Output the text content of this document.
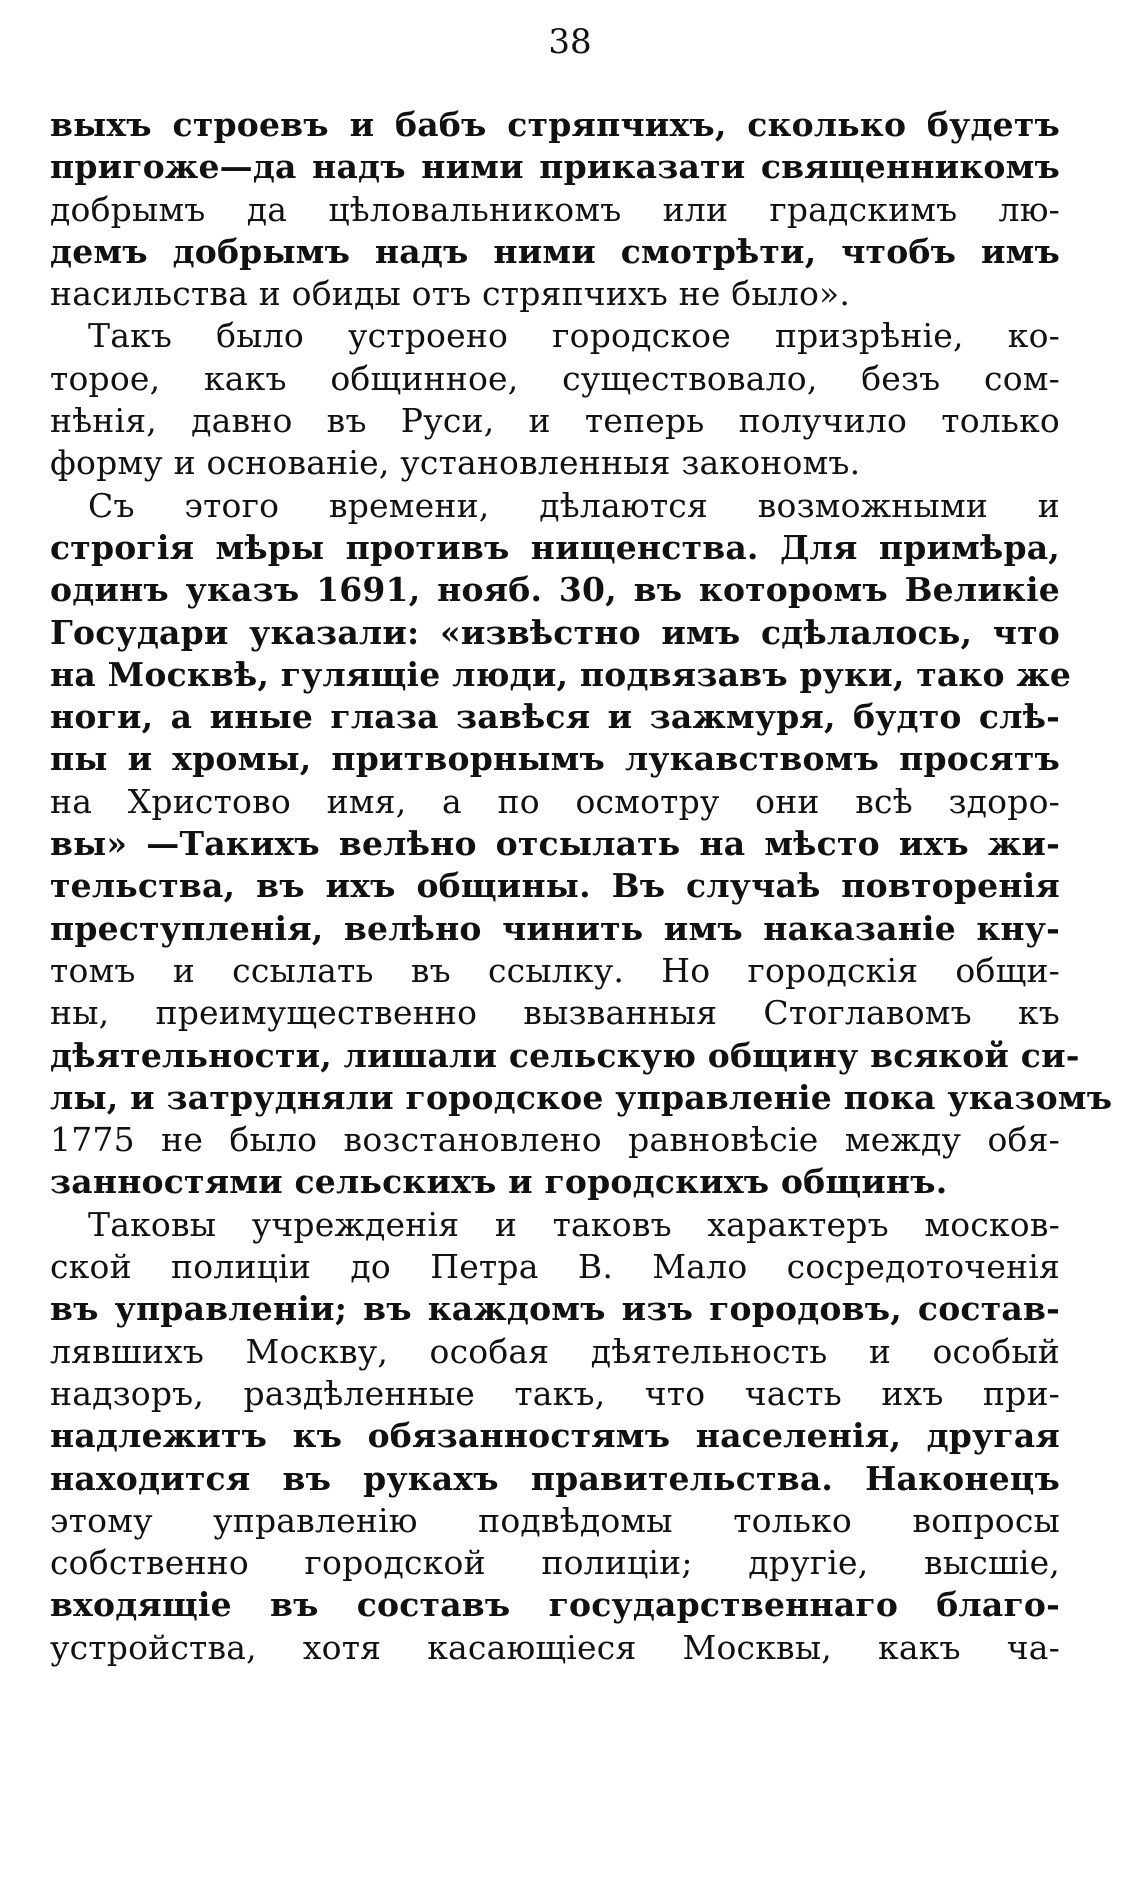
38
выхъ строевъ и бабъ стряпчихъ, сколько будетъ
пригоже—да надъ ними приказати священникомъ
добрымъ да цѣловальникомъ или градскимъ лю-
демъ добрымъ надъ ними смотрѣти, чтобъ имъ
насильства и обиды отъ стряпчихъ не было».
Такъ было устроено городское призрѣніе, ко-
торое, какъ общинное, существовало, безъ сом-
нѣнія, давно въ Руси, и теперь получило только
форму и основаніе, установленныя закономъ.
Съ этого времени, дѣлаются возможными и
строгія мѣры противъ нищенства. Для примѣра,
одинъ указъ 1691, нояб. 30, въ которомъ Великіе
Государи указали: «извѣстно имъ сдѣлалось, что
на Москвѣ, гулящіе люди, подвязавъ руки, тако же
ноги, а иные глаза завѣся и зажмуря, будто слѣ-
пы и хромы, притворнымъ лукавствомъ просятъ
на Христово имя, а по осмотру они всѣ здоро-
вы» —Такихъ велѣно отсылать на мѣсто ихъ жи-
тельства, въ ихъ общины. Въ случаѣ повторенія
преступленія, велѣно чинить имъ наказаніе кну-
томъ и ссылать въ ссылку. Но городскія общи-
ны, преимущественно вызванныя Стоглавомъ къ
дѣятельности, лишали сельскую общину всякой си-
лы, и затрудняли городское управленіе пока указомъ
1775 не было возстановлено равновѣсіе между обя-
занностями сельскихъ и городскихъ общинъ.
Таковы учрежденія и таковъ характеръ москов-
ской полиціи до Петра В. Мало сосредоточенія
въ управленіи; въ каждомъ изъ городовъ, состав-
лявшихъ Москву, особая дѣятельность и особый
надзоръ, раздѣленные такъ, что часть ихъ при-
надлежитъ къ обязанностямъ населенія, другая
находится въ рукахъ правительства. Наконецъ
этому управленію подвѣдомы только вопросы
собственно городской полиціи; другіе, высшіе,
входящіе въ составъ государственнаго благо-
устройства, хотя касающіеся Москвы, какъ ча-
